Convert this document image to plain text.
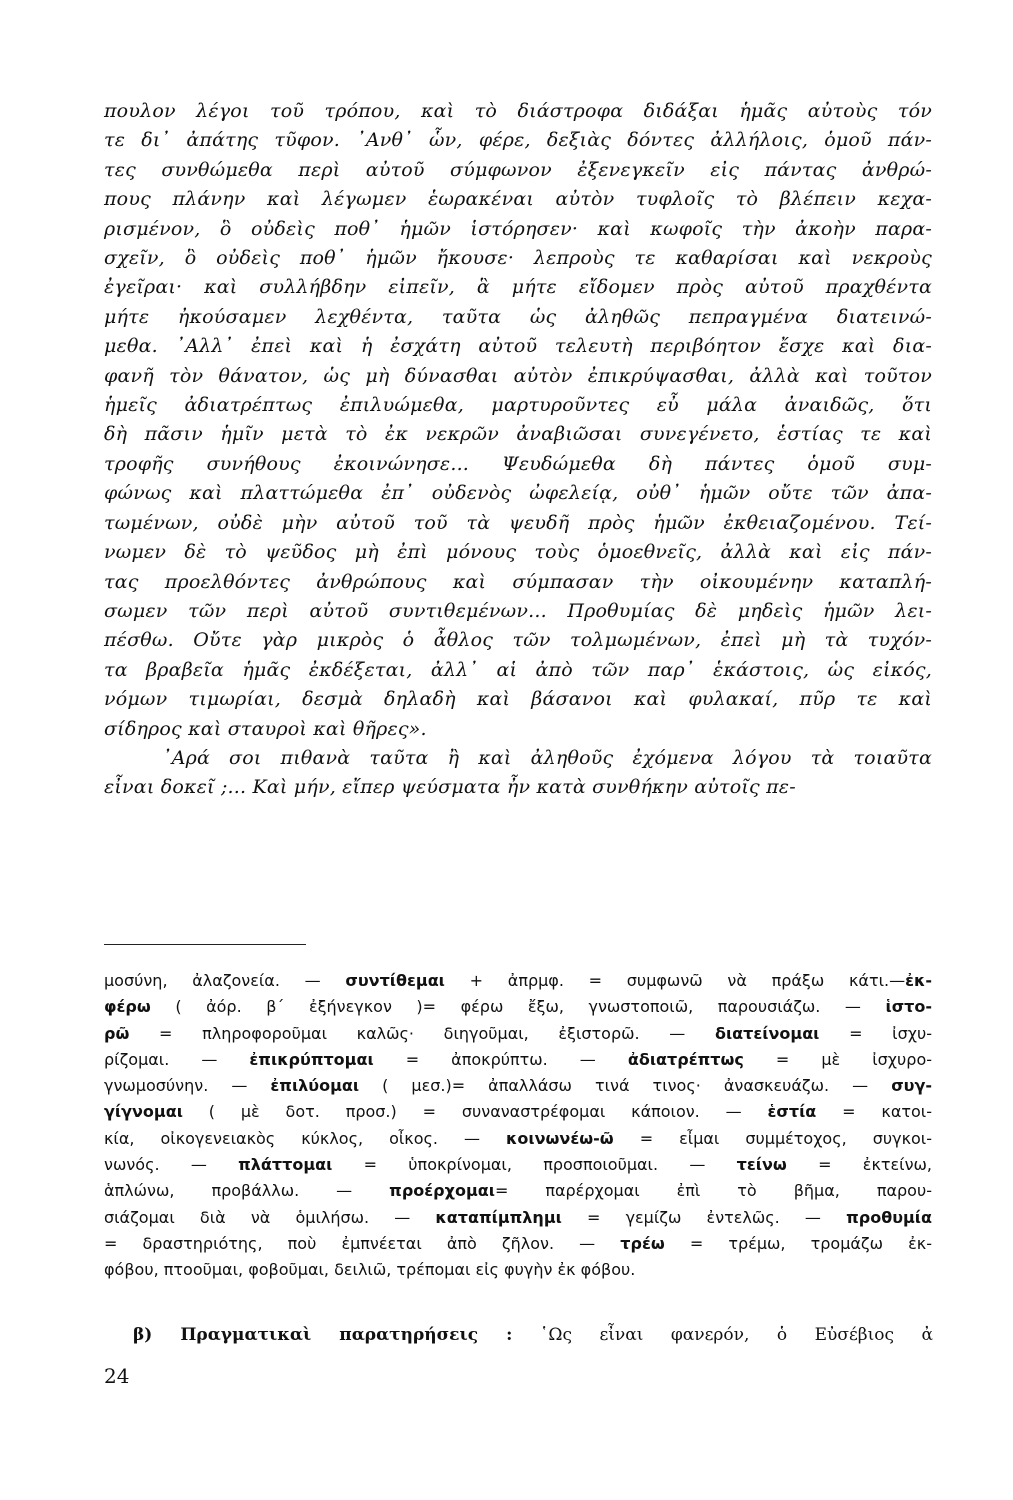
πουλον λέγοι τοῦ τρόπου, καὶ τὸ διάστροφα διδάξαι ἡμᾶς αὐτοὺς τόν
τε δι᾽ ἀπάτης τῦφον. ᾿Ανθ᾽ ὧν, φέρε, δεξιὰς δόντες ἀλλήλοις, ὁμοῦ πάν-
τες συνθώμεθα περὶ αὐτοῦ σύμφωνον ἐξενεγκεῖν εἰς πάντας ἀνθρώ-
πους πλάνην καὶ λέγωμεν ἑωρακέναι αὐτὸν τυφλοῖς τὸ βλέπειν κεχα-
ρισμένον, ὃ οὐδεὶς ποθ᾽ ἡμῶν ἱστόρησεν· καὶ κωφοῖς τὴν ἀκοὴν παρα-
σχεῖν, ὃ οὐδεὶς ποθ᾽ ἡμῶν ἤκουσε· λεπροὺς τε καθαρίσαι καὶ νεκροὺς
ἐγεῖραι· καὶ συλλήβδην εἰπεῖν, ἃ μήτε εἴδομεν πρὸς αὐτοῦ πραχθέντα
μήτε ἠκούσαμεν λεχθέντα, ταῦτα ὡς ἀληθῶς πεπραγμένα διατεινώ-
μεθα. ᾿Αλλ᾽ ἐπεὶ καὶ ἡ ἐσχάτη αὐτοῦ τελευτὴ περιβόητον ἔσχε καὶ δια-
φανῆ τὸν θάνατον, ὡς μὴ δύνασθαι αὐτὸν ἐπικρύψασθαι, ἀλλὰ καὶ τοῦτον
ἡμεῖς ἀδιατρέπτως ἐπιλυώμεθα, μαρτυροῦντες εὖ μάλα ἀναιδῶς, ὅτι
δὴ πᾶσιν ἡμῖν μετὰ τὸ ἐκ νεκρῶν ἀναβιῶσαι συνεγένετο, ἑστίας τε καὶ
τροφῆς συνήθους ἐκοινώνησε... Ψευδώμεθα δὴ πάντες ὁμοῦ συμ-
φώνως καὶ πλαττώμεθα ἐπ᾽ οὐδενὸς ὠφελείᾳ, οὐθ᾽ ἡμῶν οὔτε τῶν ἀπα-
τωμένων, οὐδὲ μὴν αὐτοῦ τοῦ τὰ ψευδῆ πρὸς ἡμῶν ἐκθειαζομένου. Τεί-
νωμεν δὲ τὸ ψεῦδος μὴ ἐπὶ μόνους τοὺς ὁμοεθνεῖς, ἀλλὰ καὶ εἰς πάν-
τας προελθόντες ἀνθρώπους καὶ σύμπασαν τὴν οἰκουμένην καταπλή-
σωμεν τῶν περὶ αὐτοῦ συντιθεμένων... Προθυμίας δὲ μηδεὶς ἡμῶν λει-
πέσθω. Οὔτε γὰρ μικρὸς ὁ ἆθλος τῶν τολμωμένων, ἐπεὶ μὴ τὰ τυχόν-
τα βραβεῖα ἡμᾶς ἐκδέξεται, ἀλλ᾽ αἱ ἀπὸ τῶν παρ᾽ ἑκάστοις, ὡς εἰκός,
νόμων τιμωρίαι, δεσμὰ δηλαδὴ καὶ βάσανοι καὶ φυλακαί, πῦρ τε καὶ
σίδηρος καὶ σταυροὶ καὶ θῆρες».
᾿Αρά σοι πιθανὰ ταῦτα ἢ καὶ ἀληθοῦς ἐχόμενα λόγου τὰ τοιαῦτα
εἶναι δοκεῖ ;... Καὶ μήν, εἴπερ ψεύσματα ἦν κατὰ συνθήκην αὐτοῖς πε-
μοσύνη, ἀλαζονεία. — συντίθεμαι + ἀπρμφ. = συμφωνῶ νὰ πράξω κάτι.—ἐκ-
φέρω ( ἀόρ. β΄ ἐξήνεγκον )= φέρω ἔξω, γνωστοποιῶ, παρουσιάζω. — ἱστο-
ρῶ = πληροφοροῦμαι καλῶς· διηγοῦμαι, ἐξιστορῶ. — διατείνομαι = ἰσχυ-
ρίζομαι. — ἐπικρύπτομαι = ἀποκρύπτω. — ἀδιατρέπτως = μὲ ἰσχυρο-
γνωμοσύνην. — ἐπιλύομαι ( μεσ.)= ἀπαλλάσω τινά τινος· ἀνασκευάζω. — συγ-
γίγνομαι ( μὲ δοτ. προσ.) = συναναστρέφομαι κάποιον. — ἑστία = κατοι-
κία, οἰκογενειακὸς κύκλος, οἶκος. — κοινωνέω-ῶ = εἶμαι συμμέτοχος, συγκοι-
νωνός. — πλάττομαι = ὑποκρίνομαι, προσποιοῦμαι. — τείνω = ἐκτείνω,
ἁπλώνω, προβάλλω. — προέρχομαι= παρέρχομαι ἐπὶ τὸ βῆμα, παρου-
σιάζομαι διὰ νὰ ὁμιλήσω. — καταπίμπλημι = γεμίζω ἐντελῶς. — προθυμία
= δραστηριότης, ποὺ ἐμπνέεται ἀπὸ ζῆλον. — τρέω = τρέμω, τρομάζω ἐκ-
φόβου, πτοοῦμαι, φοβοῦμαι, δειλιῶ, τρέπομαι εἰς φυγὴν ἐκ φόβου.
β) Πραγματικαὶ παρατηρήσεις : ῾Ως εἶναι φανερόν, ὁ Εὐσέβιος ἀ
24
